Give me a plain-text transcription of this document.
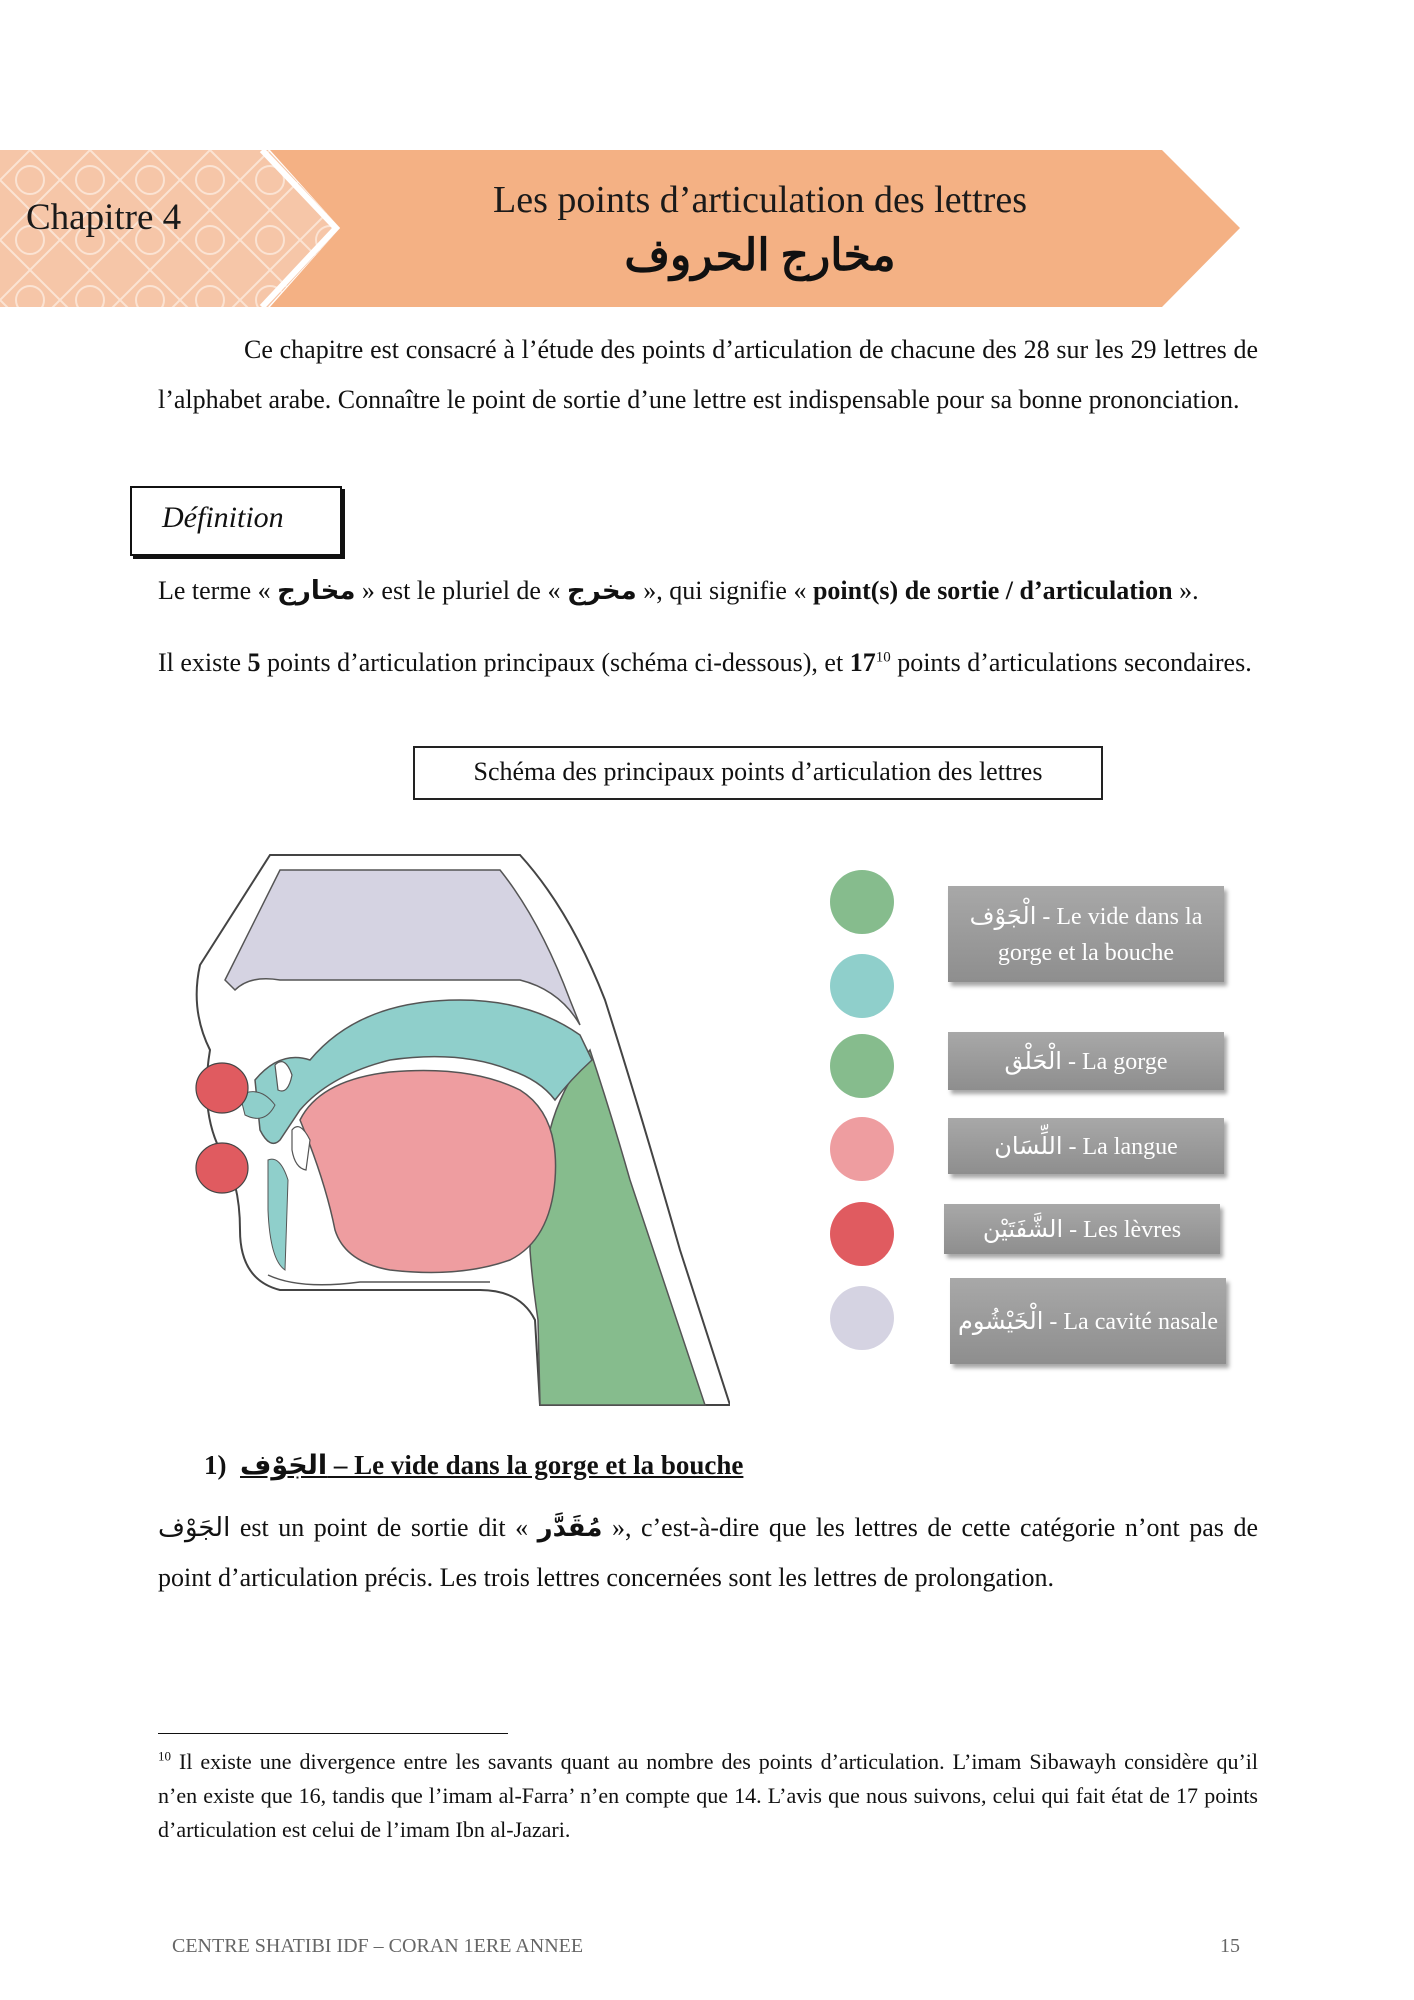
Chapitre 4	Les points d’articulation des lettres
مخارج الحروف
Ce chapitre est consacré à l’étude des points d’articulation de chacune des 28 sur les 29 lettres de l’alphabet arabe. Connaître le point de sortie d’une lettre est indispensable pour sa bonne prononciation.
Définition
Le terme « مخارج » est le pluriel de « مخرج », qui signifie « point(s) de sortie / d’articulation ».
Il existe 5 points d’articulation principaux (schéma ci-dessous), et $17^{10}$ points d’articulations secondaires.
Schéma des principaux points d’articulation des lettres
الْجَوْف - Le vide dans la gorge et la bouche
الْحَلْق - La gorge
اللِّسَان - La langue
الشَّفَتَيْن - Les lèvres
الْخَيْشُوم - La cavité nasale
1) الجَوْف – Le vide dans la gorge et la bouche
الجَوْف est un point de sortie dit « مُقَدَّر », c’est-à-dire que les lettres de cette catégorie n’ont pas de point d’articulation précis. Les trois lettres concernées sont les lettres de prolongation.
$^{10}$ Il existe une divergence entre les savants quant au nombre des points d’articulation. L’imam Sibawayh considère qu’il n’en existe que 16, tandis que l’imam al-Farra’ n’en compte que 14. L’avis que nous suivons, celui qui fait état de 17 points d’articulation est celui de l’imam Ibn al-Jazari.
CENTRE SHATIBI IDF – CORAN 1ERE ANNEE	15
